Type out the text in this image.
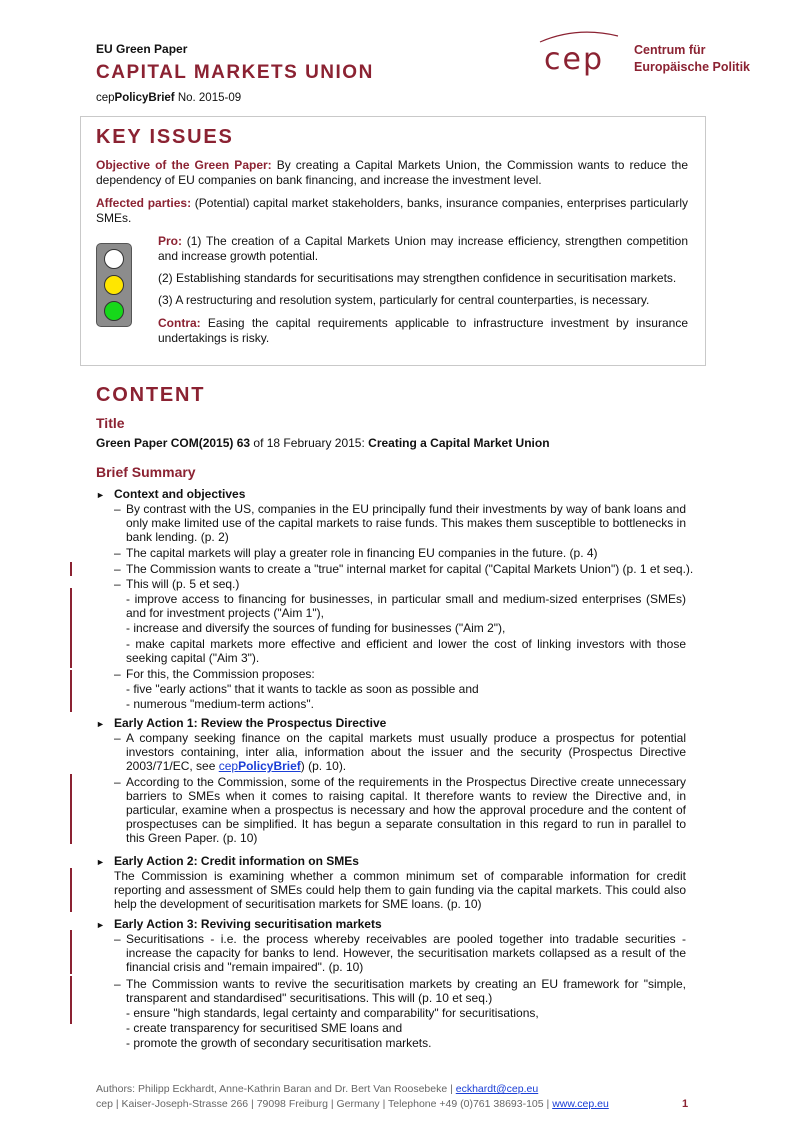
EU Green Paper
CAPITAL MARKETS UNION
cepPolicyBrief No. 2015-09
cep Centrum für
Europäische Politik
KEY ISSUES
Objective of the Green Paper: By creating a Capital Markets Union, the Commission wants to reduce the dependency of EU companies on bank financing, and increase the investment level.
Affected parties: (Potential) capital market stakeholders, banks, insurance companies, enterprises particularly SMEs.
Pro: (1) The creation of a Capital Markets Union may increase efficiency, strengthen competition and increase growth potential.
(2) Establishing standards for securitisations may strengthen confidence in securitisation markets.
(3) A restructuring and resolution system, particularly for central counterparties, is necessary.
Contra: Easing the capital requirements applicable to infrastructure investment by insurance undertakings is risky.
CONTENT
Title
Green Paper COM(2015) 63 of 18 February 2015: Creating a Capital Market Union
Brief Summary
► Context and objectives
– By contrast with the US, companies in the EU principally fund their investments by way of bank loans and only make limited use of the capital markets to raise funds. This makes them susceptible to bottlenecks in bank lending. (p. 2)
– The capital markets will play a greater role in financing EU companies in the future. (p. 4)
– The Commission wants to create a "true" internal market for capital ("Capital Markets Union") (p. 1 et seq.).
– This will (p. 5 et seq.)
- improve access to financing for businesses, in particular small and medium-sized enterprises (SMEs) and for investment projects ("Aim 1"),
- increase and diversify the sources of funding for businesses ("Aim 2"),
- make capital markets more effective and efficient and lower the cost of linking investors with those seeking capital ("Aim 3").
– For this, the Commission proposes:
- five "early actions" that it wants to tackle as soon as possible and
- numerous "medium-term actions".
► Early Action 1: Review the Prospectus Directive
– A company seeking finance on the capital markets must usually produce a prospectus for potential investors containing, inter alia, information about the issuer and the security (Prospectus Directive 2003/71/EC, see cepPolicyBrief) (p. 10).
– According to the Commission, some of the requirements in the Prospectus Directive create unnecessary barriers to SMEs when it comes to raising capital. It therefore wants to review the Directive and, in particular, examine when a prospectus is necessary and how the approval procedure and the content of prospectuses can be simplified. It has begun a separate consultation in this regard to run in parallel to this Green Paper. (p. 10)
► Early Action 2: Credit information on SMEs
The Commission is examining whether a common minimum set of comparable information for credit reporting and assessment of SMEs could help them to gain funding via the capital markets. This could also help the development of securitisation markets for SME loans. (p. 10)
► Early Action 3: Reviving securitisation markets
– Securitisations - i.e. the process whereby receivables are pooled together into tradable securities - increase the capacity for banks to lend. However, the securitisation markets collapsed as a result of the financial crisis and "remain impaired". (p. 10)
– The Commission wants to revive the securitisation markets by creating an EU framework for "simple, transparent and standardised" securitisations. This will (p. 10 et seq.)
- ensure "high standards, legal certainty and comparability" for securitisations,
- create transparency for securitised SME loans and
- promote the growth of secondary securitisation markets.
Authors: Philipp Eckhardt, Anne-Kathrin Baran and Dr. Bert Van Roosebeke | eckhardt@cep.eu
cep | Kaiser-Joseph-Strasse 266 | 79098 Freiburg | Germany | Telephone +49 (0)761 38693-105 | www.cep.eu	1
